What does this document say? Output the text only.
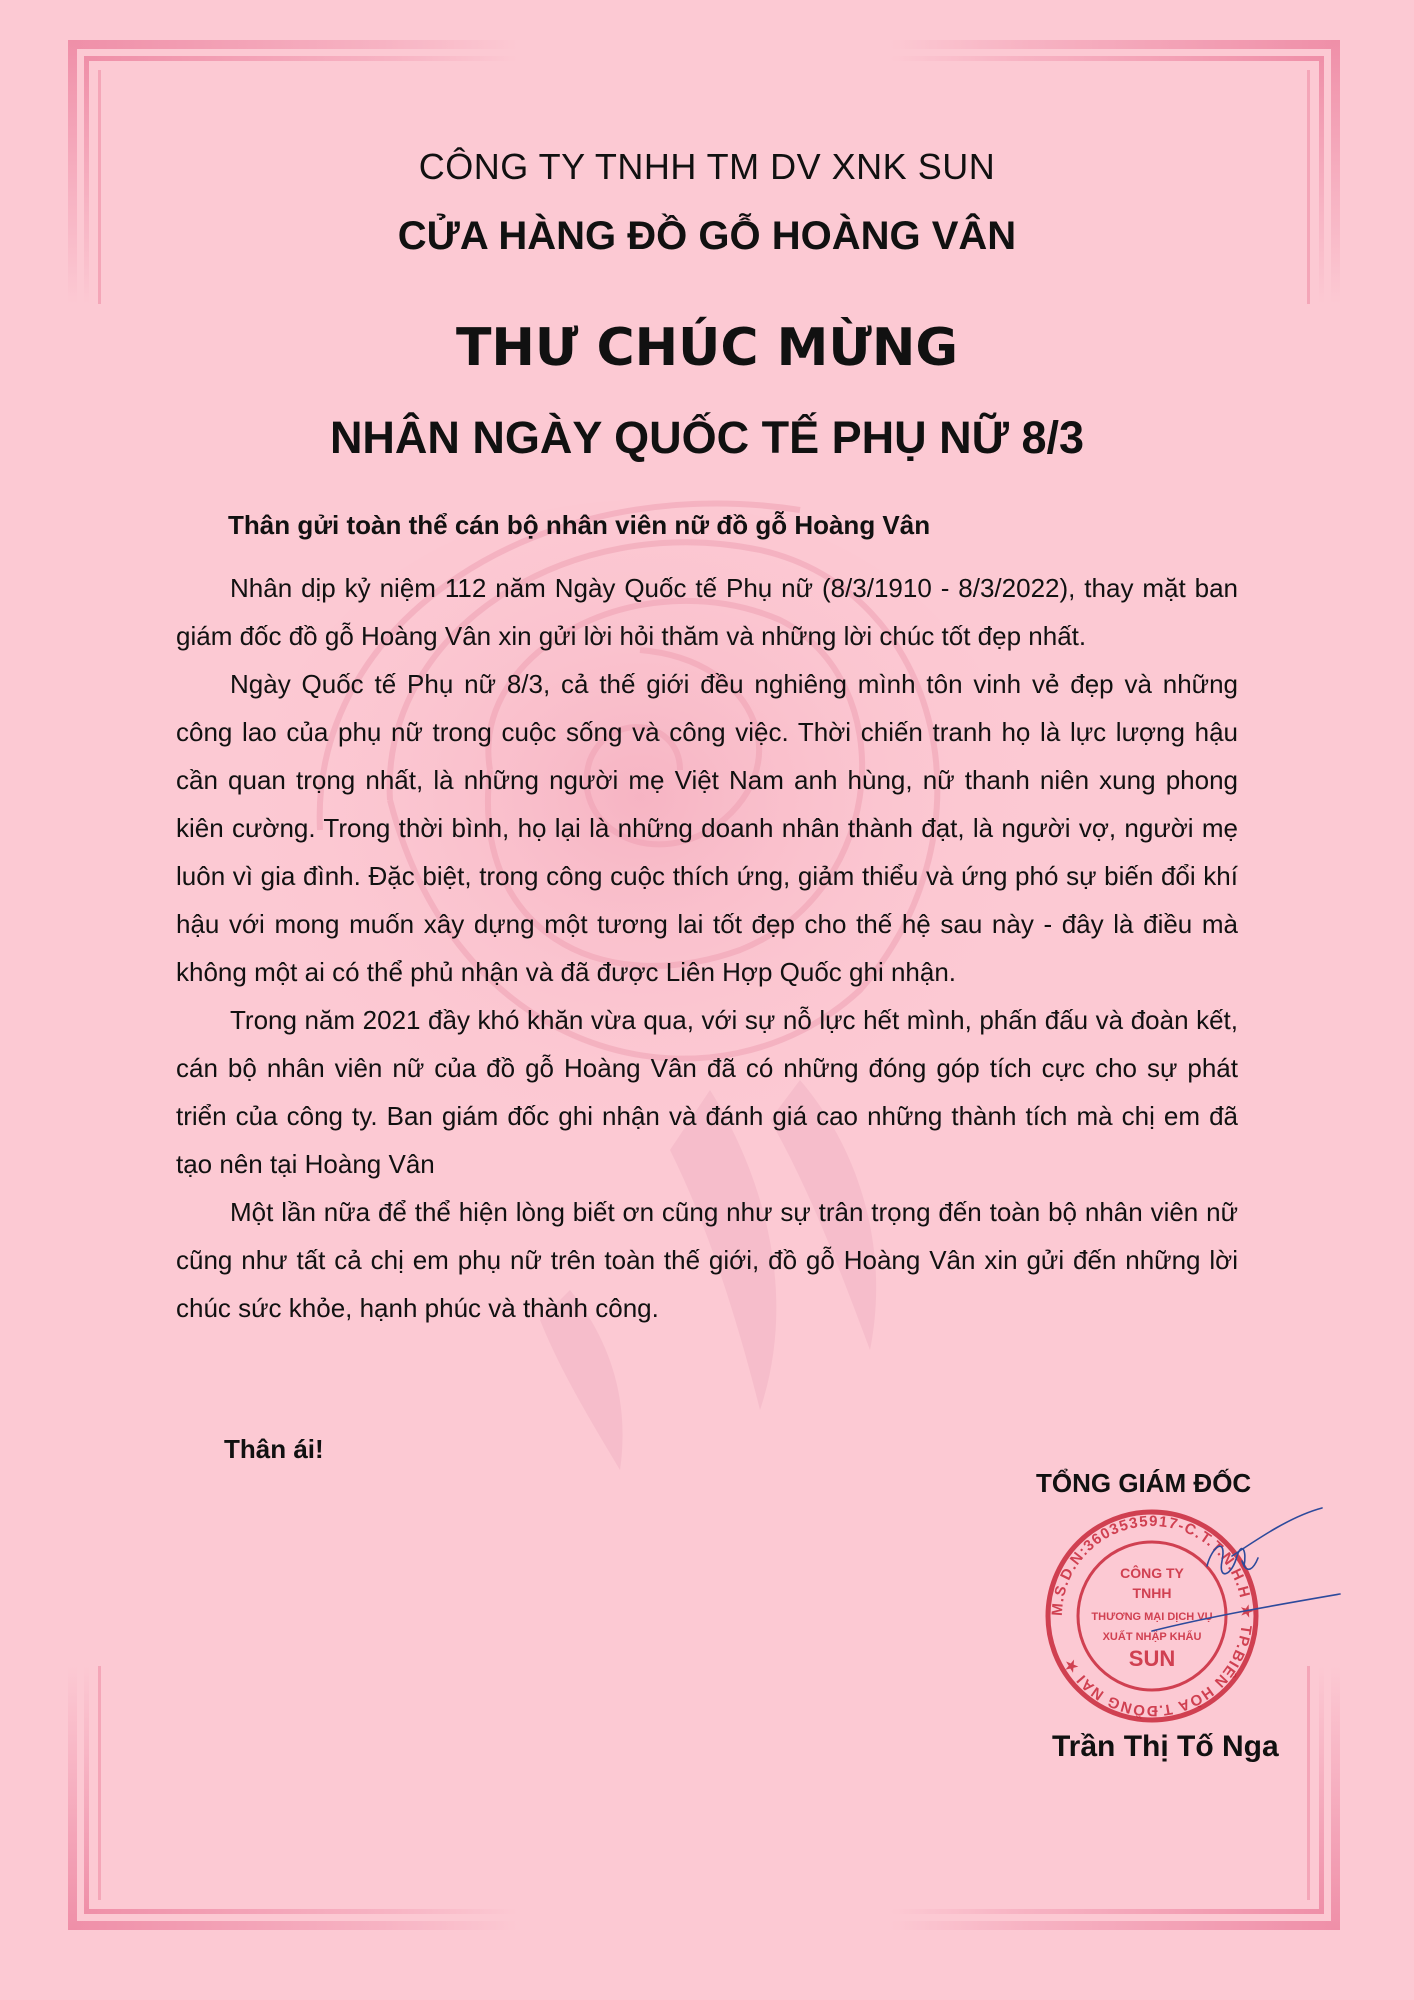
CÔNG TY TNHH TM DV XNK SUN
CỬA HÀNG ĐỒ GỖ HOÀNG VÂN
THƯ CHÚC MỪNG
NHÂN NGÀY QUỐC TẾ PHỤ NỮ 8/3
Thân gửi toàn thể cán bộ nhân viên nữ đồ gỗ Hoàng Vân

Nhân dịp kỷ niệm 112 năm Ngày Quốc tế Phụ nữ (8/3/1910 - 8/3/2022), thay mặt ban giám đốc đồ gỗ Hoàng Vân xin gửi lời hỏi thăm và những lời chúc tốt đẹp nhất.

Ngày Quốc tế Phụ nữ 8/3, cả thế giới đều nghiêng mình tôn vinh vẻ đẹp và những công lao của phụ nữ trong cuộc sống và công việc. Thời chiến tranh họ là lực lượng hậu cần quan trọng nhất, là những người mẹ Việt Nam anh hùng, nữ thanh niên xung phong kiên cường. Trong thời bình, họ lại là những doanh nhân thành đạt, là người vợ, người mẹ luôn vì gia đình. Đặc biệt, trong công cuộc thích ứng, giảm thiểu và ứng phó sự biến đổi khí hậu với mong muốn xây dựng một tương lai tốt đẹp cho thế hệ sau này - đây là điều mà không một ai có thể phủ nhận và đã được Liên Hợp Quốc ghi nhận.

Trong năm 2021 đầy khó khăn vừa qua, với sự nỗ lực hết mình, phấn đấu và đoàn kết, cán bộ nhân viên nữ của đồ gỗ Hoàng Vân đã có những đóng góp tích cực cho sự phát triển của công ty. Ban giám đốc ghi nhận và đánh giá cao những thành tích mà chị em đã tạo nên tại Hoàng Vân

Một lần nữa để thể hiện lòng biết ơn cũng như sự trân trọng đến toàn bộ nhân viên nữ cũng như tất cả chị em phụ nữ trên toàn thế giới, đồ gỗ Hoàng Vân xin gửi đến những lời chúc sức khỏe, hạnh phúc và thành công.

Thân ái!
TỔNG GIÁM ĐỐC
M.S.D.N:3603535917-C.T.T.N.H.H ★ TP.BIÊN HÒA T.ĐỒNG NAI ★
CÔNG TY
TNHH
THƯƠNG MẠI DỊCH VỤ
XUẤT NHẬP KHẨU
SUN
Trần Thị Tố Nga
